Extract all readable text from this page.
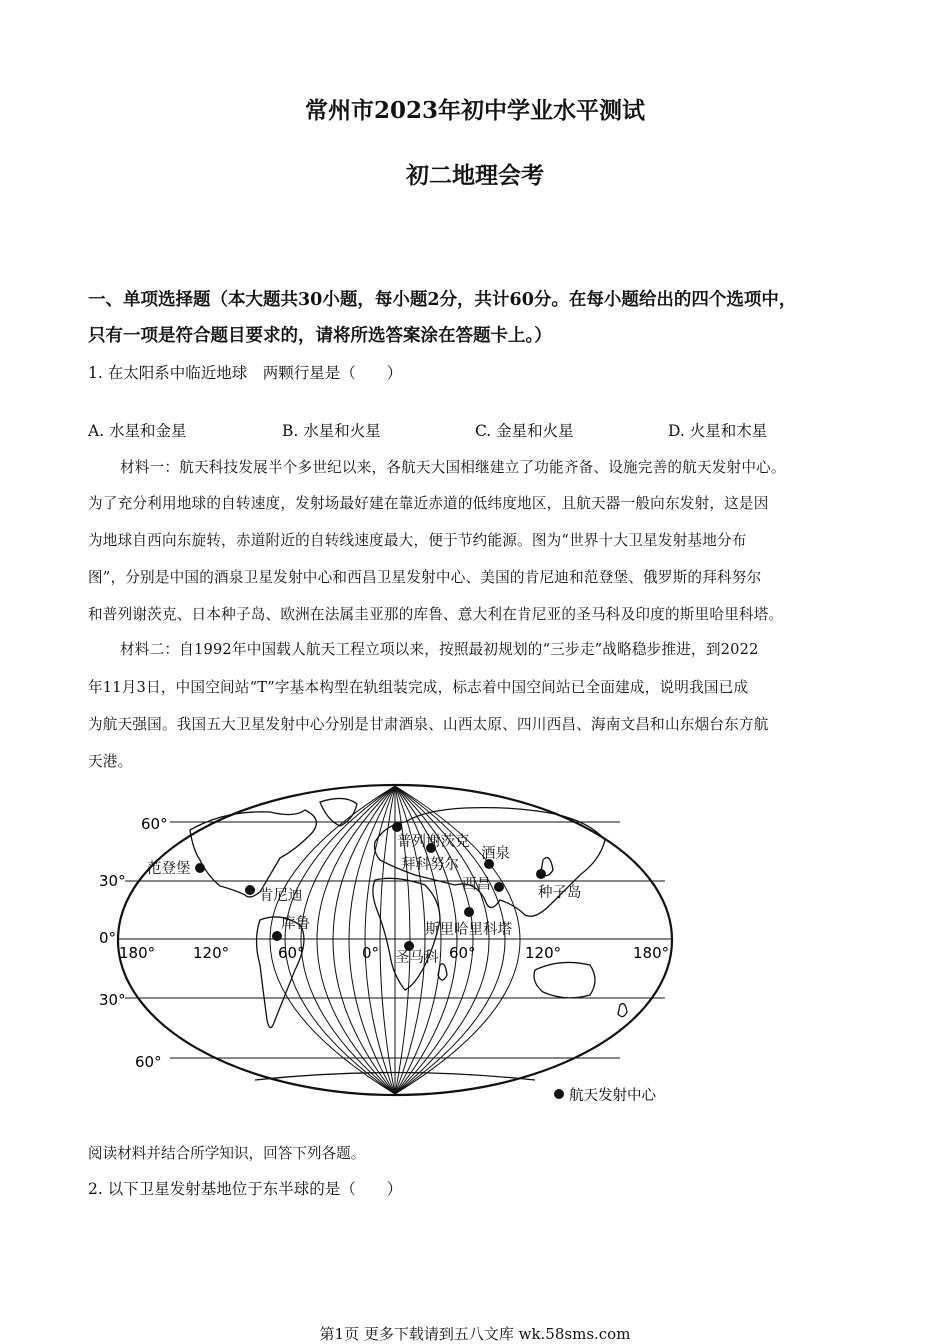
常州市2023年初中学业水平测试
初二地理会考
一、单项选择题（本大题共30小题，每小题2分，共计60分。在每小题给出的四个选项中，
只有一项是符合题目要求的，请将所选答案涂在答题卡上。）
1. 在太阳系中临近地球　两颗行星是（　　）
A. 水星和金星	B. 水星和火星	C. 金星和火星	D. 火星和木星
材料一：航天科技发展半个多世纪以来，各航天大国相继建立了功能齐备、设施完善的航天发射中心。
为了充分利用地球的自转速度，发射场最好建在靠近赤道的低纬度地区，且航天器一般向东发射，这是因
为地球自西向东旋转，赤道附近的自转线速度最大，便于节约能源。图为“世界十大卫星发射基地分布
图”，分别是中国的酒泉卫星发射中心和西昌卫星发射中心、美国的肯尼迪和范登堡、俄罗斯的拜科努尔
和普列谢茨克、日本种子岛、欧洲在法属圭亚那的库鲁、意大利在肯尼亚的圣马科及印度的斯里哈里科塔。
材料二：自1992年中国载人航天工程立项以来，按照最初规划的“三步走”战略稳步推进，到2022
年11月3日，中国空间站“T”字基本构型在轨组装完成，标志着中国空间站已全面建成，说明我国已成
为航天强国。我国五大卫星发射中心分别是甘肃酒泉、山西太原、四川西昌、海南文昌和山东烟台东方航
天港。
60°
30°
0°
30°
60°
180°	120°	60°	0°	60°	120°	180°
普列谢茨克
拜科努尔
酒泉
西昌	种子岛
范登堡
肯尼迪
库鲁	斯里哈里科塔
圣马科
航天发射中心
阅读材料并结合所学知识，回答下列各题。
2. 以下卫星发射基地位于东半球的是（　　）
第1页 更多下载请到五八文库 wk.58sms.com
